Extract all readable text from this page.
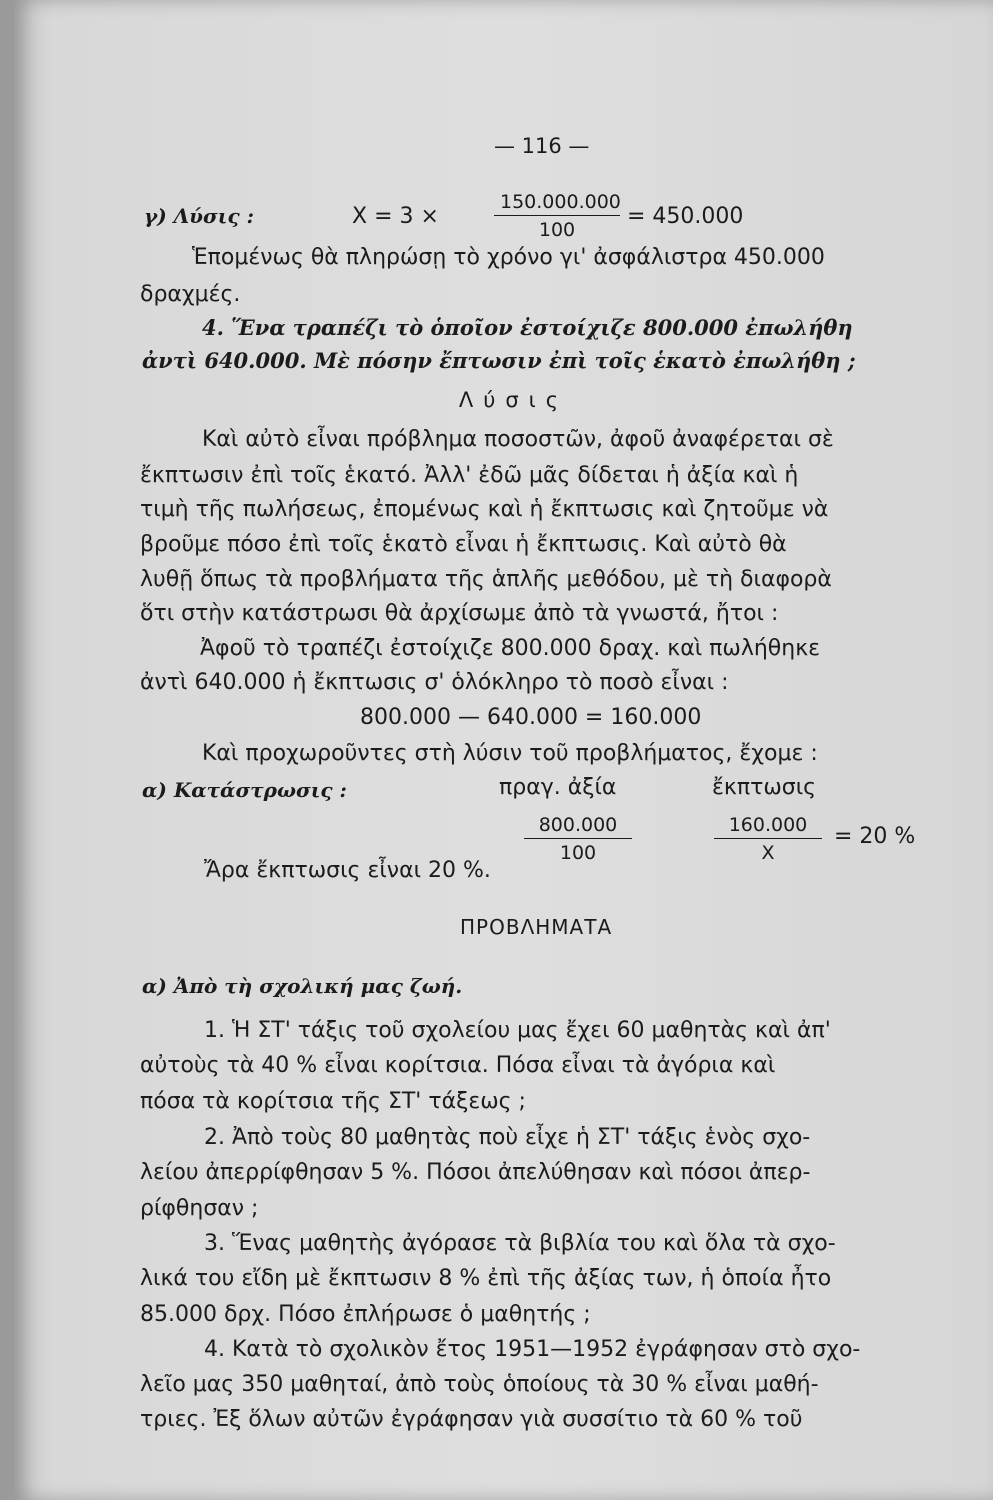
— 116 —
γ) Λύσις :	X = 3 ×	$\frac{150.000.000}{100} = 450.000$
Ἑπομένως θὰ πληρώσῃ τὸ χρόνο γι' ἀσφάλιστρα 450.000
δραχμές.
4. Ἕνα τραπέζι τὸ ὁποῖον ἐστοίχιζε 800.000 ἐπωλήθη
ἀντὶ 640.000. Μὲ πόσην ἔπτωσιν ἐπὶ τοῖς ἑκατὸ ἐπωλήθη ;
Λύσις
Καὶ αὐτὸ εἶναι πρόβλημα ποσοστῶν, ἀφοῦ ἀναφέρεται σὲ
ἔκπτωσιν ἐπὶ τοῖς ἑκατό. Ἀλλ' ἐδῶ μᾶς δίδεται ἡ ἀξία καὶ ἡ
τιμὴ τῆς πωλήσεως, ἐπομένως καὶ ἡ ἔκπτωσις καὶ ζητοῦμε νὰ
βροῦμε πόσο ἐπὶ τοῖς ἑκατὸ εἶναι ἡ ἔκπτωσις. Καὶ αὐτὸ θὰ
λυθῇ ὅπως τὰ προβλήματα τῆς ἁπλῆς μεθόδου, μὲ τὴ διαφορὰ
ὅτι στὴν κατάστρωσι θὰ ἀρχίσωμε ἀπὸ τὰ γνωστά, ἤτοι :
Ἀφοῦ τὸ τραπέζι ἐστοίχιζε 800.000 δραχ. καὶ πωλήθηκε
ἀντὶ 640.000 ἡ ἔκπτωσις σ' ὁλόκληρο τὸ ποσὸ εἶναι :
800.000 — 640.000 = 160.000
Καὶ προχωροῦντες στὴ λύσιν τοῦ προβλήματος, ἔχομε :
α) Κατάστρωσις :	πραγ. ἀξία	ἔκπτωσις
$\frac{800.000}{100}$	$\frac{160.000}{X} = 20$ %
Ἄρα ἔκπτωσις εἶναι 20 %.
ΠΡΟΒΛΗΜΑΤΑ
α) Ἀπὸ τὴ σχολική μας ζωή.
1. Ἡ ΣΤ' τάξις τοῦ σχολείου μας ἔχει 60 μαθητὰς καὶ ἀπ'
αὐτοὺς τὰ 40 % εἶναι κορίτσια. Πόσα εἶναι τὰ ἀγόρια καὶ
πόσα τὰ κορίτσια τῆς ΣΤ' τάξεως ;
2. Ἀπὸ τοὺς 80 μαθητὰς ποὺ εἶχε ἡ ΣΤ' τάξις ἑνὸς σχο-
λείου ἀπερρίφθησαν 5 %. Πόσοι ἀπελύθησαν καὶ πόσοι ἀπερ-
ρίφθησαν ;
3. Ἕνας μαθητὴς ἀγόρασε τὰ βιβλία του καὶ ὅλα τὰ σχο-
λικά του εἴδη μὲ ἔκπτωσιν 8 % ἐπὶ τῆς ἀξίας των, ἡ ὁποία ἦτο
85.000 δρχ. Πόσο ἐπλήρωσε ὁ μαθητής ;
4. Κατὰ τὸ σχολικὸν ἔτος 1951—1952 ἐγράφησαν στὸ σχο-
λεῖο μας 350 μαθηταί, ἀπὸ τοὺς ὁποίους τὰ 30 % εἶναι μαθή-
τριες. Ἐξ ὅλων αὐτῶν ἐγράφησαν γιὰ συσσίτιο τὰ 60 % τοῦ
